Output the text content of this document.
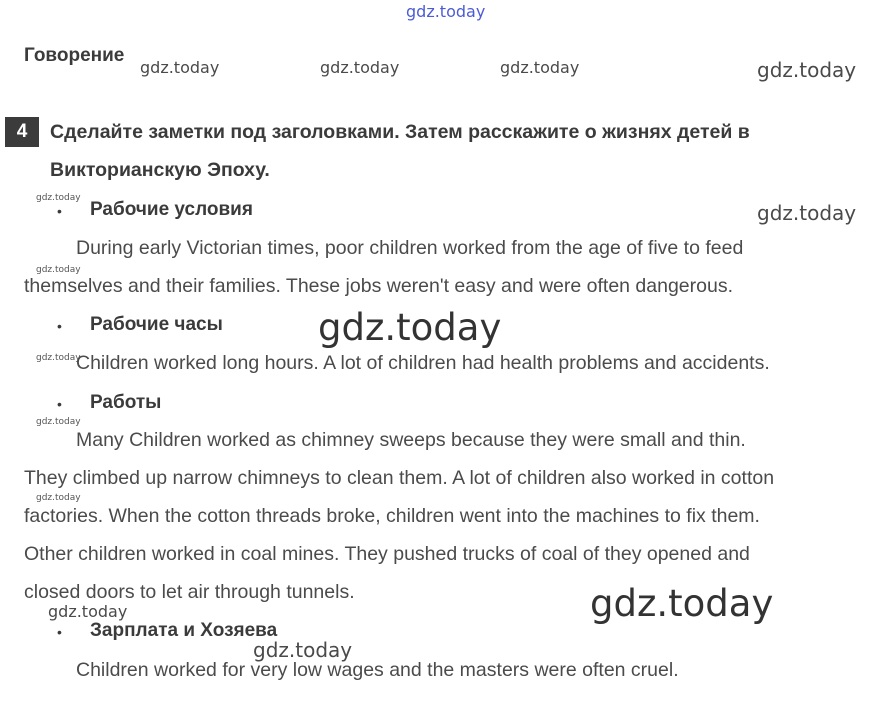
gdz.today
gdz.today	gdz.today	gdz.today	gdz.today
gdz.today
gdz.today
gdz.today
gdz.today
gdz.today
gdz.today
gdz.today
gdz.today
gdz.today
gdz.today
Говорение
4	Сделайте заметки под заголовками. Затем расскажите о жизнях детей в
Викторианскую Эпоху.
• Рабочие условия
During early Victorian times, poor children worked from the age of five to feed
themselves and their families. These jobs weren't easy and were often dangerous.
• Рабочие часы
Children worked long hours. A lot of children had health problems and accidents.
• Работы
Many Children worked as chimney sweeps because they were small and thin.
They climbed up narrow chimneys to clean them. A lot of children also worked in cotton
factories. When the cotton threads broke, children went into the machines to fix them.
Other children worked in coal mines. They pushed trucks of coal of they opened and
closed doors to let air through tunnels.
• Зарплата и Хозяева
Children worked for very low wages and the masters were often cruel.
